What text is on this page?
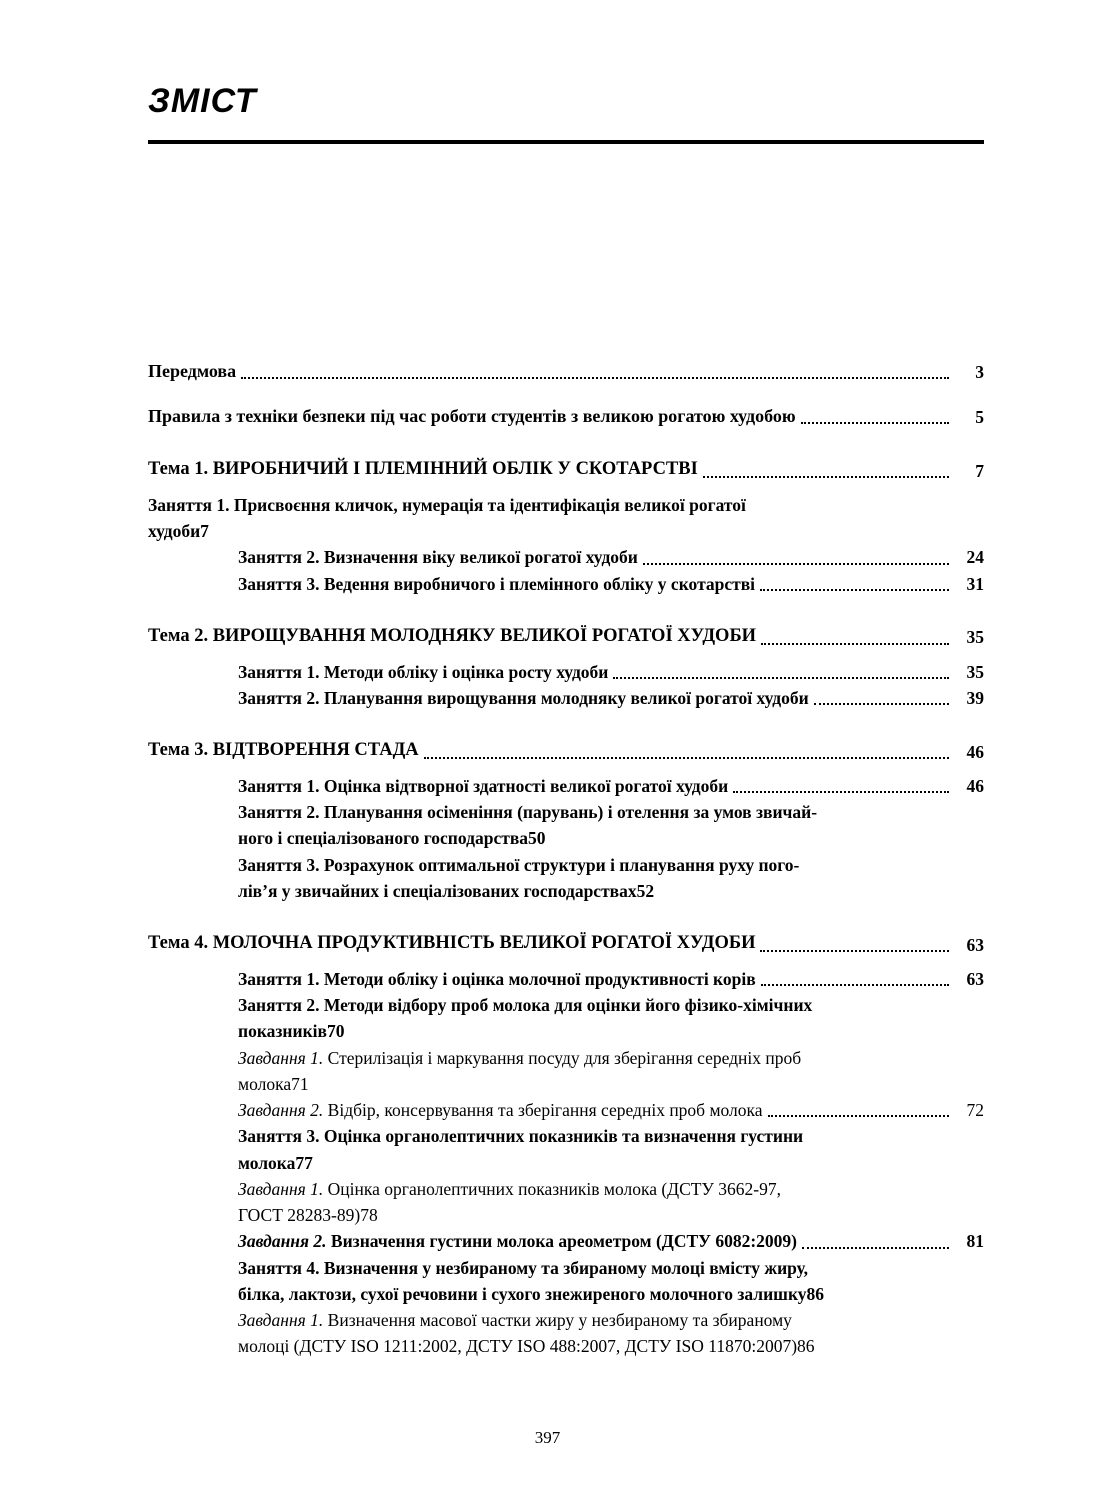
ЗМІСТ
Передмова	3
Правила з техніки безпеки під час роботи студентів з великою рогатою худобою	5
Тема 1. ВИРОБНИЧИЙ І ПЛЕМІННИЙ ОБЛІК У СКОТАРСТВІ	7
Заняття 1. Присвоєння кличок, нумерація та ідентифікація великої рогатої
худоби 7
Заняття 2. Визначення віку великої рогатої худоби	24
Заняття 3. Ведення виробничого і племінного обліку у скотарстві	31
Тема 2. ВИРОЩУВАННЯ МОЛОДНЯКУ ВЕЛИКОЇ РОГАТОЇ ХУДОБИ	35
Заняття 1. Методи обліку і оцінка росту худоби	35
Заняття 2. Планування вирощування молодняку великої рогатої худоби	39
Тема 3. ВІДТВОРЕННЯ СТАДА	46
Заняття 1. Оцінка відтворної здатності великої рогатої худоби	46
Заняття 2. Планування осіменіння (парувань) і отелення за умов звичай-
ного і спеціалізованого господарства 50
Заняття 3. Розрахунок оптимальної структури і планування руху пого-
лів’я у звичайних і спеціалізованих господарствах 52
Тема 4. МОЛОЧНА ПРОДУКТИВНІСТЬ ВЕЛИКОЇ РОГАТОЇ ХУДОБИ	63
Заняття 1. Методи обліку і оцінка молочної продуктивності корів	63
Заняття 2. Методи відбору проб молока для оцінки його фізико-хімічних
показників 70
Завдання 1. Стерилізація і маркування посуду для зберігання середніх проб
молока 71
Завдання 2. Відбір, консервування та зберігання середніх проб молока	72
Заняття 3. Оцінка органолептичних показників та визначення густини
молока 77
Завдання 1. Оцінка органолептичних показників молока (ДСТУ 3662-97,
ГОСТ 28283-89) 78
Завдання 2. Визначення густини молока ареометром (ДСТУ 6082:2009)	81
Заняття 4. Визначення у незбираному та збираному молоці вмісту жиру,
білка, лактози, сухої речовини і сухого знежиреного молочного залишку 86
Завдання 1. Визначення масової частки жиру у незбираному та збираному
молоці (ДСТУ ISO 1211:2002, ДСТУ ISO 488:2007, ДСТУ ISO 11870:2007) 86
397
